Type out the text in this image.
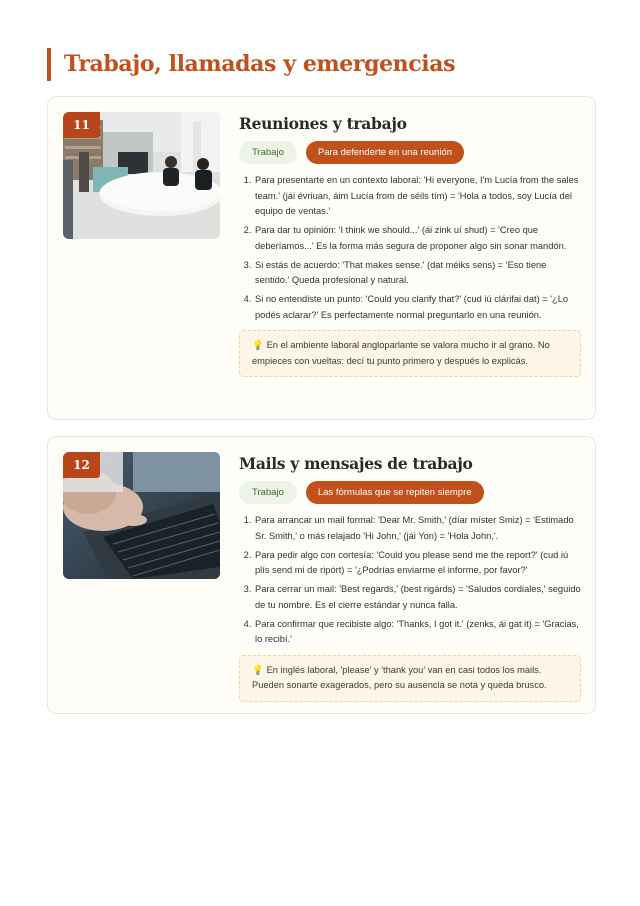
Trabajo, llamadas y emergencias
11	Reuniones y trabajo
Trabajo	Para defenderte en una reunión
1. Para presentarte en un contexto laboral: 'Hi everyone, I'm Lucía from the sales team.' (jái évriuan, áim Lucía from de séils tím) = 'Hola a todos, soy Lucía del equipo de ventas.'
2. Para dar tu opinión: 'I think we should...' (ái zink uí shud) = 'Creo que deberíamos...' Es la forma más segura de proponer algo sin sonar mandón.
3. Si estás de acuerdo: 'That makes sense.' (dat méiks sens) = 'Eso tiene sentido.' Queda profesional y natural.
4. Si no entendiste un punto: 'Could you clarify that?' (cud iú clárifai dat) = '¿Lo podés aclarar?' Es perfectamente normal preguntarlo en una reunión.
💡 En el ambiente laboral angloparlante se valora mucho ir al grano. No empieces con vueltas: decí tu punto primero y después lo explicás.
12	Mails y mensajes de trabajo
Trabajo	Las fórmulas que se repiten siempre
1. Para arrancar un mail formal: 'Dear Mr. Smith,' (díar míster Smiz) = 'Estimado Sr. Smith,' o más relajado 'Hi John,' (jái Yon) = 'Hola John,'.
2. Para pedir algo con cortesía: 'Could you please send me the report?' (cud iú plís send mi de ripórt) = '¿Podrías enviarme el informe, por favor?'
3. Para cerrar un mail: 'Best regards,' (best rigárds) = 'Saludos cordiales,' seguido de tu nombre. Es el cierre estándar y nunca falla.
4. Para confirmar que recibiste algo: 'Thanks, I got it.' (zenks, ái gat it) = 'Gracias, lo recibí.'
💡 En inglés laboral, 'please' y 'thank you' van en casi todos los mails. Pueden sonarte exagerados, pero su ausencia se nota y queda brusco.
